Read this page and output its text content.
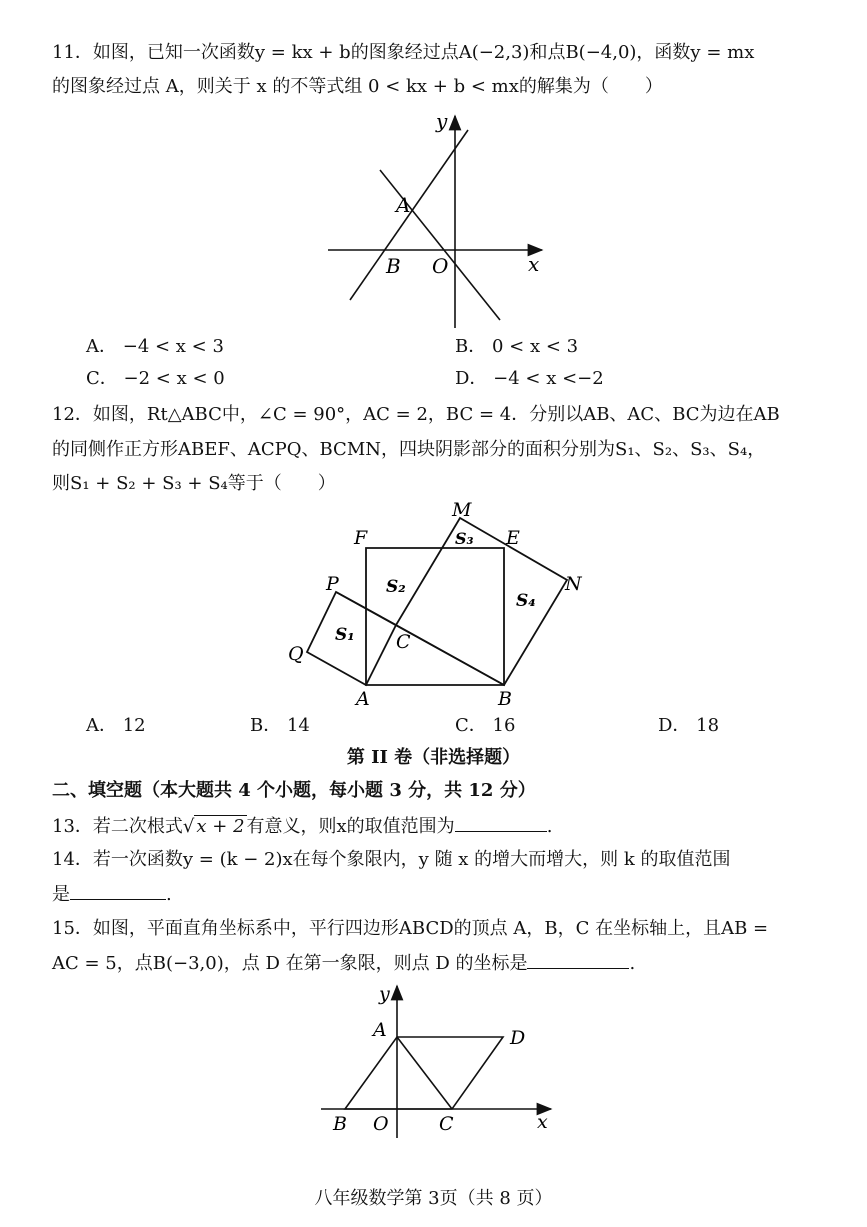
11．如图，已知一次函数y = kx + b的图象经过点A(−2,3)和点B(−4,0)，函数y = mx
的图象经过点 A，则关于 x 的不等式组 0 < kx + b < mx的解集为（　　）
y
x
A
B O
A． −4 < x < 3	B． 0 < x < 3
C． −2 < x < 0	D． −4 < x <−2
12．如图，Rt△ABC中，∠C = 90°，AC = 2，BC = 4．分别以AB、AC、BC为边在AB
的同侧作正方形ABEF、ACPQ、BCMN，四块阴影部分的面积分别为S₁、S₂、S₃、S₄，
则S₁ + S₂ + S₃ + S₄等于（　　）
M
F	E
N
P
Q
C
A	B
S₁
S₂
S₃
S₄
A． 12	B． 14	C． 16	D． 18
第 II 卷（非选择题）
二、填空题（本大题共 4 个小题，每小题 3 分，共 12 分）
13．若二次根式√ x + 2 有意义，则x的取值范围为	.
14．若一次函数y = (k − 2)x在每个象限内，y 随 x 的增大而增大，则 k 的取值范围
是	.
15．如图，平面直角坐标系中，平行四边形ABCD的顶点 A，B，C 在坐标轴上，且AB =
AC = 5，点B(−3,0)，点 D 在第一象限，则点 D 的坐标是	.
y
x
A	D
B O	C
八年级数学第 3页（共 8 页）
